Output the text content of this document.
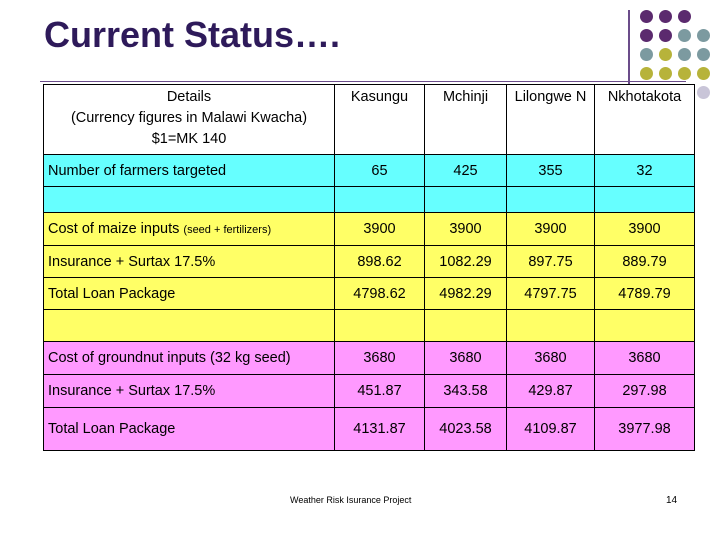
Current Status….
Details
(Currency figures in Malawi Kwacha)
$1=MK 140	Kasungu	Mchinji	Lilongwe N	Nkhotakota
Number of farmers targeted	65	425	355	32

Cost of maize inputs (seed + fertilizers)	3900	3900	3900	3900
Insurance + Surtax 17.5%	898.62	1082.29	897.75	889.79
Total Loan Package	4798.62	4982.29	4797.75	4789.79

Cost of groundnut inputs (32 kg seed)	3680	3680	3680	3680
Insurance + Surtax 17.5%	451.87	343.58	429.87	297.98
Total Loan Package	4131.87	4023.58	4109.87	3977.98
Weather Risk Isurance Project	14
